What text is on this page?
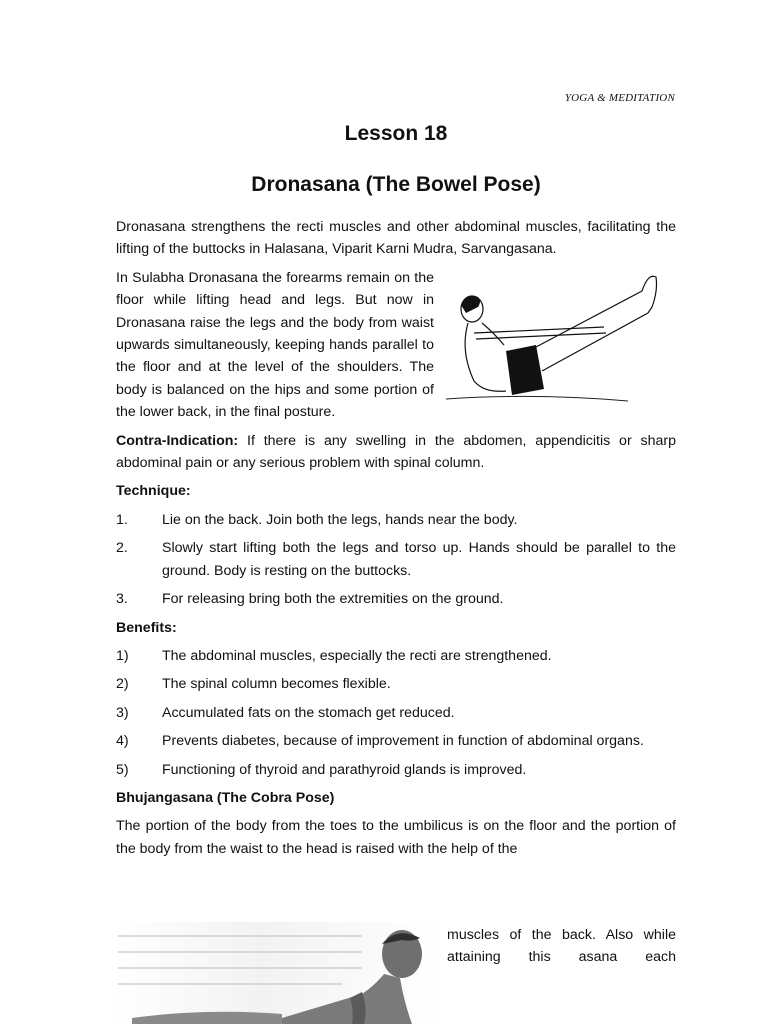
YOGA & MEDITATION
Lesson 18
Dronasana (The Bowel Pose)

Dronasana strengthens the recti muscles and other abdominal muscles, facilitating the lifting of the buttocks in Halasana, Viparit Karni Mudra, Sarvangasana.

In Sulabha Dronasana the forearms remain on the floor while lifting head and legs. But now in Dronasana raise the legs and the body from waist upwards simultaneously, keeping hands parallel to the floor and at the level of the shoulders. The body is balanced on the hips and some portion of the lower back, in the final posture.

Contra-Indication: If there is any swelling in the abdomen, appendicitis or sharp abdominal pain or any serious problem with spinal column.

Technique:
1.	Lie on the back. Join both the legs, hands near the body.
2.	Slowly start lifting both the legs and torso up. Hands should be parallel to the ground. Body is resting on the buttocks.
3.	For releasing bring both the extremities on the ground.
Benefits:
1)	The abdominal muscles, especially the recti are strengthened.
2)	The spinal column becomes flexible.
3)	Accumulated fats on the stomach get reduced.
4)	Prevents diabetes, because of improvement in function of abdominal organs.
5)	Functioning of thyroid and parathyroid glands is improved.
Bhujangasana (The Cobra Pose)

The portion of the body from the toes to the umbilicus is on the floor and the portion of the body from the waist to the head is raised with the help of the

muscles of the back. Also while attaining this asana each
